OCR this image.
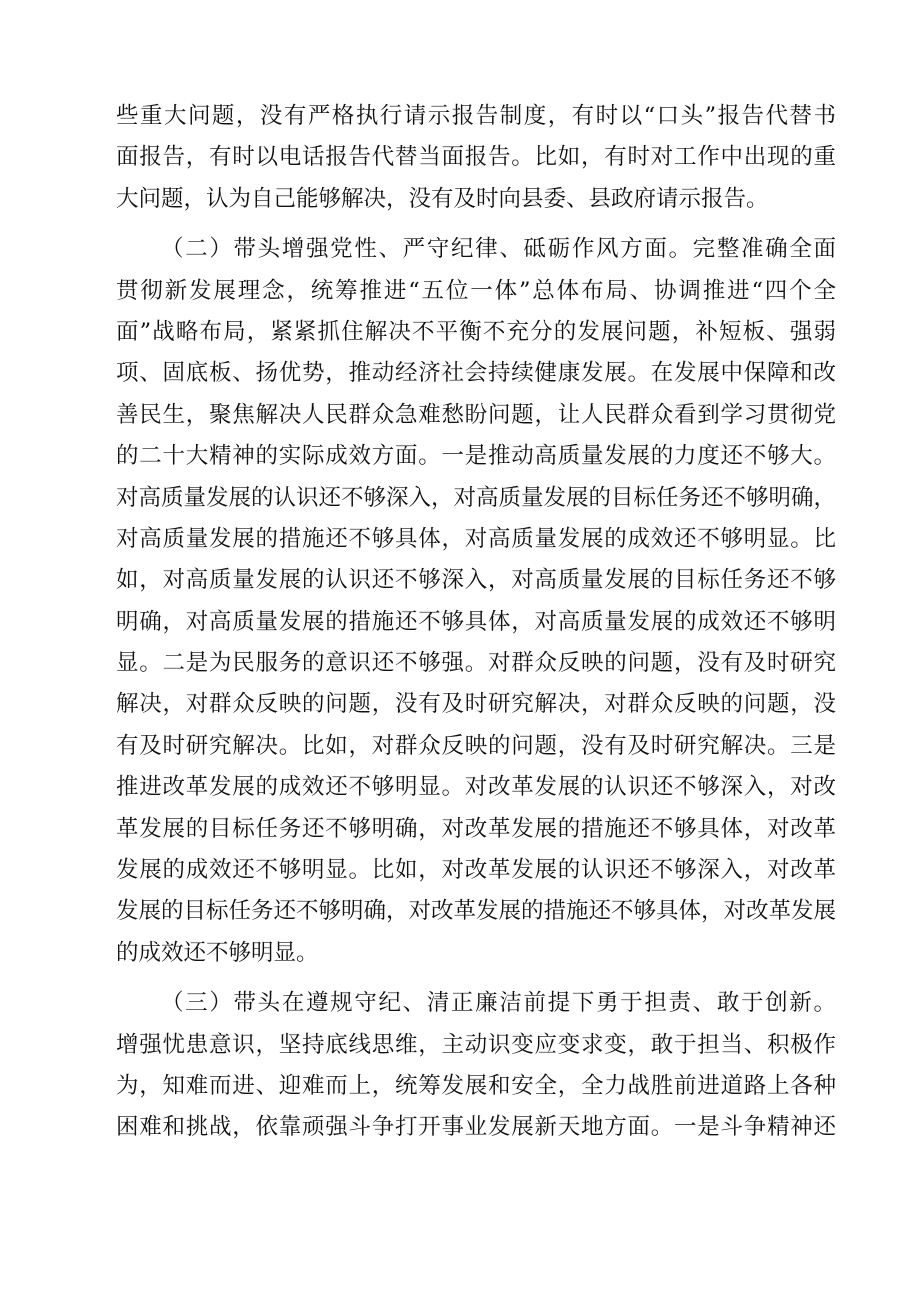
些重大问题，没有严格执行请示报告制度，有时以“口头”报告代替书
面报告，有时以电话报告代替当面报告。比如，有时对工作中出现的重
大问题，认为自己能够解决，没有及时向县委、县政府请示报告。
（二）带头增强党性、严守纪律、砥砺作风方面。完整准确全面
贯彻新发展理念，统筹推进“五位一体”总体布局、协调推进“四个全
面”战略布局，紧紧抓住解决不平衡不充分的发展问题，补短板、强弱
项、固底板、扬优势，推动经济社会持续健康发展。在发展中保障和改
善民生，聚焦解决人民群众急难愁盼问题，让人民群众看到学习贯彻党
的二十大精神的实际成效方面。一是推动高质量发展的力度还不够大。
对高质量发展的认识还不够深入，对高质量发展的目标任务还不够明确，
对高质量发展的措施还不够具体，对高质量发展的成效还不够明显。比
如，对高质量发展的认识还不够深入，对高质量发展的目标任务还不够
明确，对高质量发展的措施还不够具体，对高质量发展的成效还不够明
显。二是为民服务的意识还不够强。对群众反映的问题，没有及时研究
解决，对群众反映的问题，没有及时研究解决，对群众反映的问题，没
有及时研究解决。比如，对群众反映的问题，没有及时研究解决。三是
推进改革发展的成效还不够明显。对改革发展的认识还不够深入，对改
革发展的目标任务还不够明确，对改革发展的措施还不够具体，对改革
发展的成效还不够明显。比如，对改革发展的认识还不够深入，对改革
发展的目标任务还不够明确，对改革发展的措施还不够具体，对改革发展
的成效还不够明显。
（三）带头在遵规守纪、清正廉洁前提下勇于担责、敢于创新。
增强忧患意识，坚持底线思维，主动识变应变求变，敢于担当、积极作
为，知难而进、迎难而上，统筹发展和安全，全力战胜前进道路上各种
困难和挑战，依靠顽强斗争打开事业发展新天地方面。一是斗争精神还
